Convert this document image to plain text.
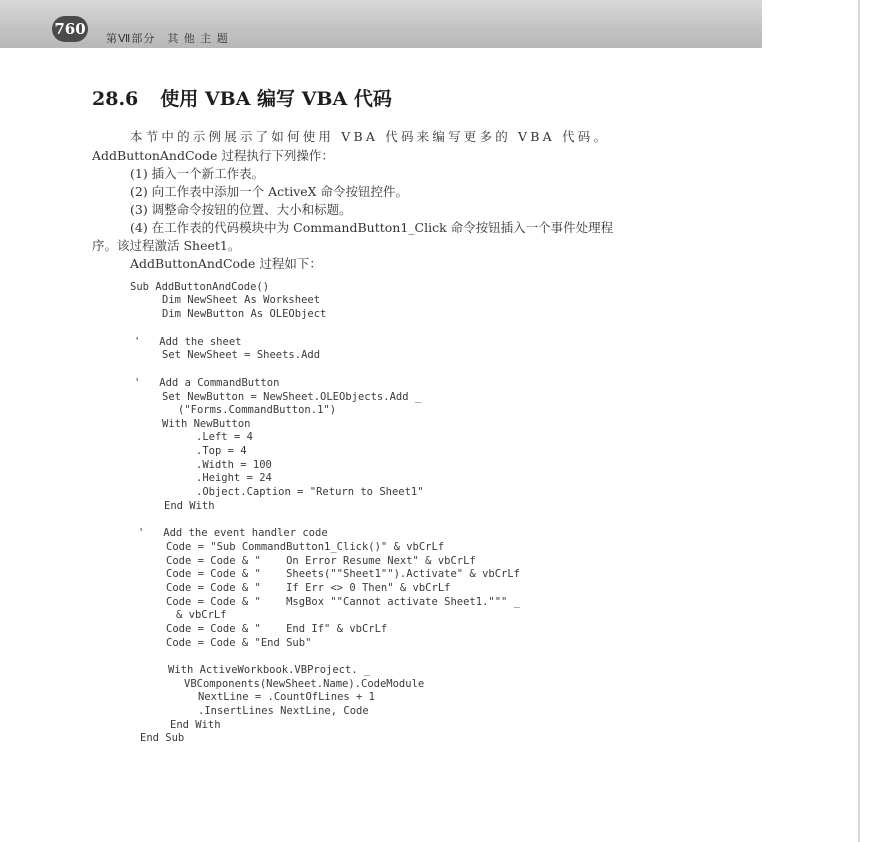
760
第Ⅶ部分　其 他 主 题
28.6 使用 VBA 编写 VBA 代码
本节中的示例展示了如何使用 VBA 代码来编写更多的 VBA 代码。
AddButtonAndCode 过程执行下列操作：
(1) 插入一个新工作表。
(2) 向工作表中添加一个 ActiveX 命令按钮控件。
(3) 调整命令按钮的位置、大小和标题。
(4) 在工作表的代码模块中为 CommandButton1_Click 命令按钮插入一个事件处理程
序。该过程激活 Sheet1。
AddButtonAndCode 过程如下：
Sub AddButtonAndCode()
Dim NewSheet As Worksheet
Dim NewButton As OLEObject
'   Add the sheet
Set NewSheet = Sheets.Add
'   Add a CommandButton
Set NewButton = NewSheet.OLEObjects.Add _
("Forms.CommandButton.1")
With NewButton
.Left = 4
.Top = 4
.Width = 100
.Height = 24
.Object.Caption = "Return to Sheet1"
End With
'   Add the event handler code
Code = "Sub CommandButton1_Click()" & vbCrLf
Code = Code & "    On Error Resume Next" & vbCrLf
Code = Code & "    Sheets(""Sheet1"").Activate" & vbCrLf
Code = Code & "    If Err <> 0 Then" & vbCrLf
Code = Code & "    MsgBox ""Cannot activate Sheet1.""" _
& vbCrLf
Code = Code & "    End If" & vbCrLf
Code = Code & "End Sub"
With ActiveWorkbook.VBProject. _
VBComponents(NewSheet.Name).CodeModule
NextLine = .CountOfLines + 1
.InsertLines NextLine, Code
End With
End Sub
